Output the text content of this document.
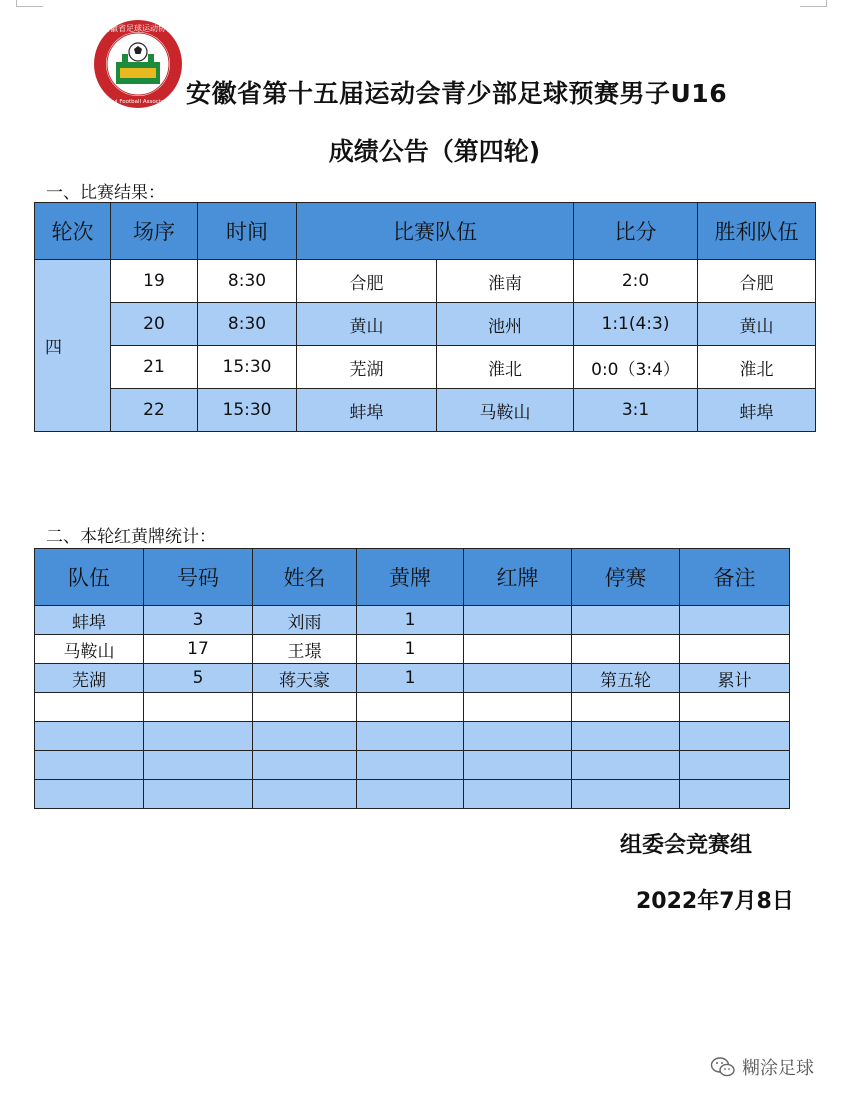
安徽省足球运动协会
Anhui Football Association 安徽省第十五届运动会青少部足球预赛男子U16
成绩公告（第四轮)
一、比赛结果：
轮次	场序	时间	比赛队伍		比分	胜利队伍
四	19	8:30	合肥	淮南	2:0	合肥
	20	8:30	黄山	池州	1:1(4:3)	黄山
	21	15:30	芜湖	淮北	0:0（3:4）	淮北
	22	15:30	蚌埠	马鞍山	3:1	蚌埠
二、本轮红黄牌统计：
队伍	号码	姓名	黄牌	红牌	停赛	备注
蚌埠	3	刘雨	1			
马鞍山	17	王璟	1			
芜湖	5	蒋天豪	1		第五轮	累计

组委会竞赛组
2022年7月8日
糊涂足球
